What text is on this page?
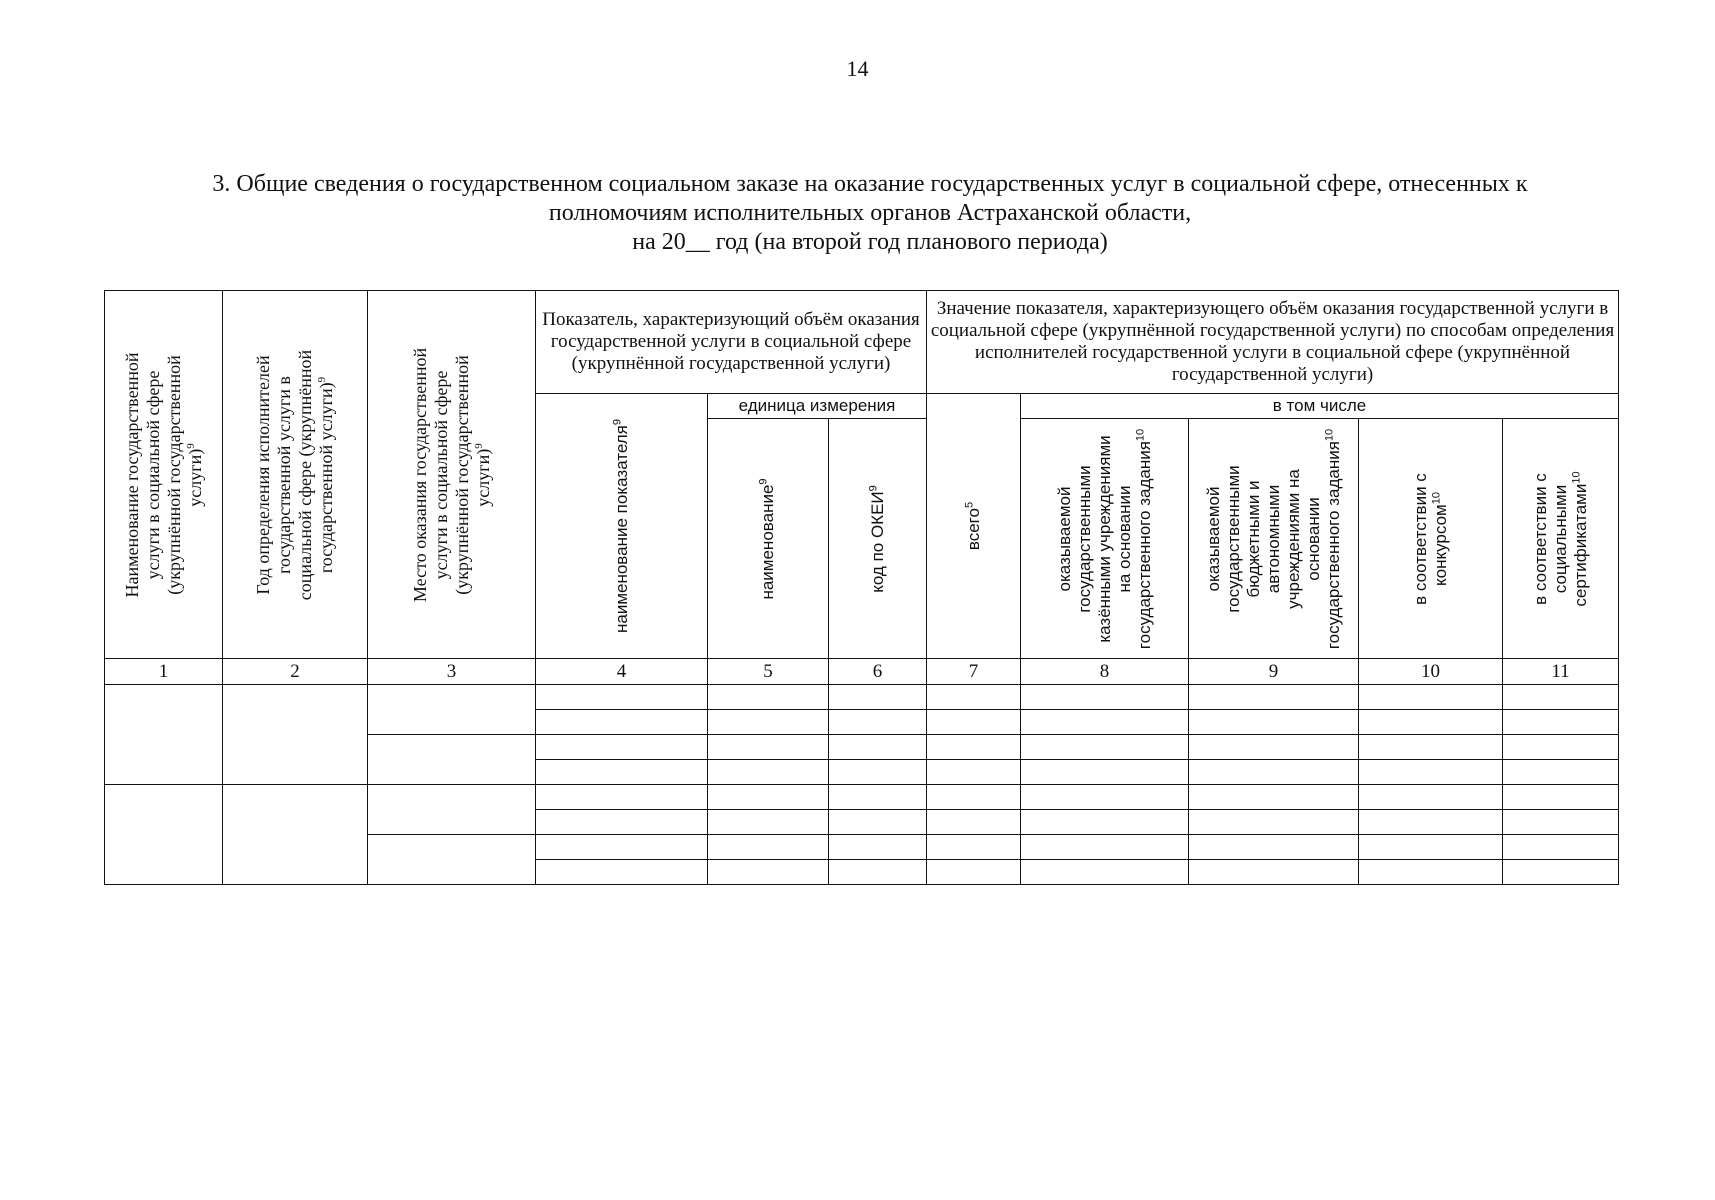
14
3. Общие сведения о государственном социальном заказе на оказание государственных услуг в социальной сфере, отнесенных к
полномочиям исполнительных органов Астраханской области,
на 20__ год (на второй год планового периода)
Наименование государственной услуги в социальной сфере (укрупнённой государственной услуги)$^9$	Год определения исполнителей государственной услуги в социальной сфере (укрупнённой государственной услуги)$^9$	Место оказания государственной услуги в социальной сфере (укрупнённой государственной услуги)$^9$	Показатель, характеризующий объём оказания государственной услуги в социальной сфере (укрупнённой государственной услуги)			Значение показателя, характеризующего объём оказания государственной услуги в социальной сфере (укрупнённой государственной услуги) по способам определения исполнителей государственной услуги в социальной сфере (укрупнённой государственной услуги)				

			наименование показателя$^9$	единица измерения		всего$^5$	в том числе			

				наименование$^9$	код по ОКЕИ$^9$		оказываемой государственными казёнными учреждениями на основании государственного задания$^{10}$	оказываемой государственными бюджетными и автономными учреждениями на основании государственного задания$^{10}$	в соответствии с конкурсом$^{10}$	в соответствии с социальными сертификатами$^{10}$

1	2	3	4	5	6	7	8	9	10	11
